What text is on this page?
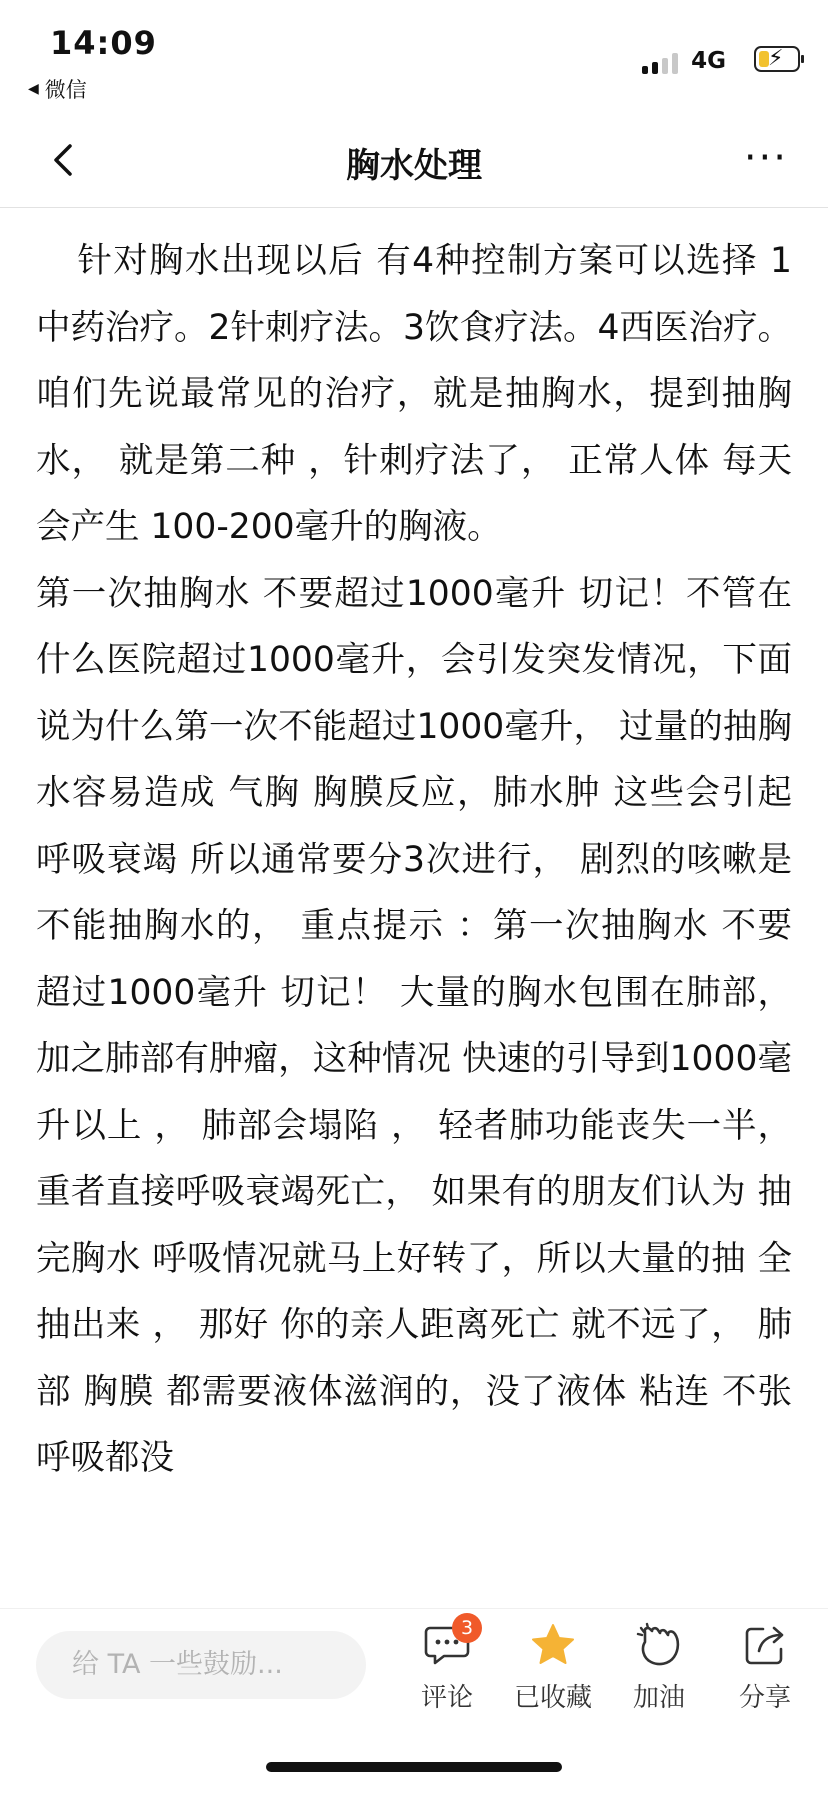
14:09
◀ 微信
4G ⚡
胸水处理	···

针对胸水出现以后 有4种控制方案可以选择 1中药治疗。2针刺疗法。3饮食疗法。4西医治疗。 咱们先说最常见的治疗，就是抽胸水，提到抽胸水， 就是第二种 ，针刺疗法了， 正常人体 每天会产生 100-200毫升的胸液。

第一次抽胸水 不要超过1000毫升 切记！不管在什么医院超过1000毫升，会引发突发情况，下面说为什么第一次不能超过1000毫升， 过量的抽胸水容易造成 气胸 胸膜反应，肺水肿 这些会引起呼吸衰竭 所以通常要分3次进行， 剧烈的咳嗽是不能抽胸水的， 重点提示 ：第一次抽胸水 不要超过1000毫升 切记！ 大量的胸水包围在肺部， 加之肺部有肿瘤，这种情况 快速的引导到1000毫升以上 ， 肺部会塌陷 ， 轻者肺功能丧失一半，重者直接呼吸衰竭死亡， 如果有的朋友们认为 抽完胸水 呼吸情况就马上好转了，所以大量的抽 全抽出来 ， 那好 你的亲人距离死亡 就不远了， 肺部 胸膜 都需要液体滋润的，没了液体 粘连 不张 呼吸都没

给 TA 一些鼓励...
3
评论	已收藏	加油	分享
